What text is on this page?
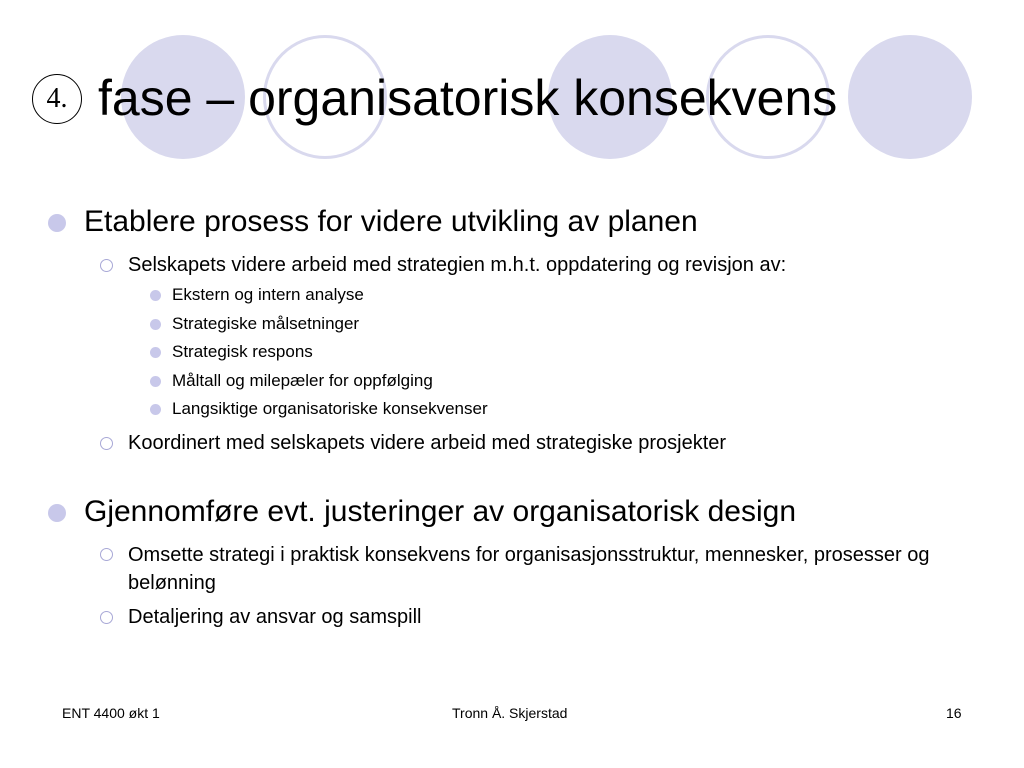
4. fase – organisatorisk konsekvens
Etablere prosess for videre utvikling av planen
Selskapets videre arbeid med strategien m.h.t. oppdatering og revisjon av:
Ekstern og intern analyse
Strategiske målsetninger
Strategisk respons
Måltall og milepæler for oppfølging
Langsiktige organisatoriske konsekvenser
Koordinert med selskapets videre arbeid med strategiske prosjekter
Gjennomføre evt. justeringer av organisatorisk design
Omsette strategi i praktisk konsekvens for organisasjonsstruktur, mennesker, prosesser og belønning
Detaljering av ansvar og samspill
ENT 4400 økt 1	Tronn Å. Skjerstad	16
